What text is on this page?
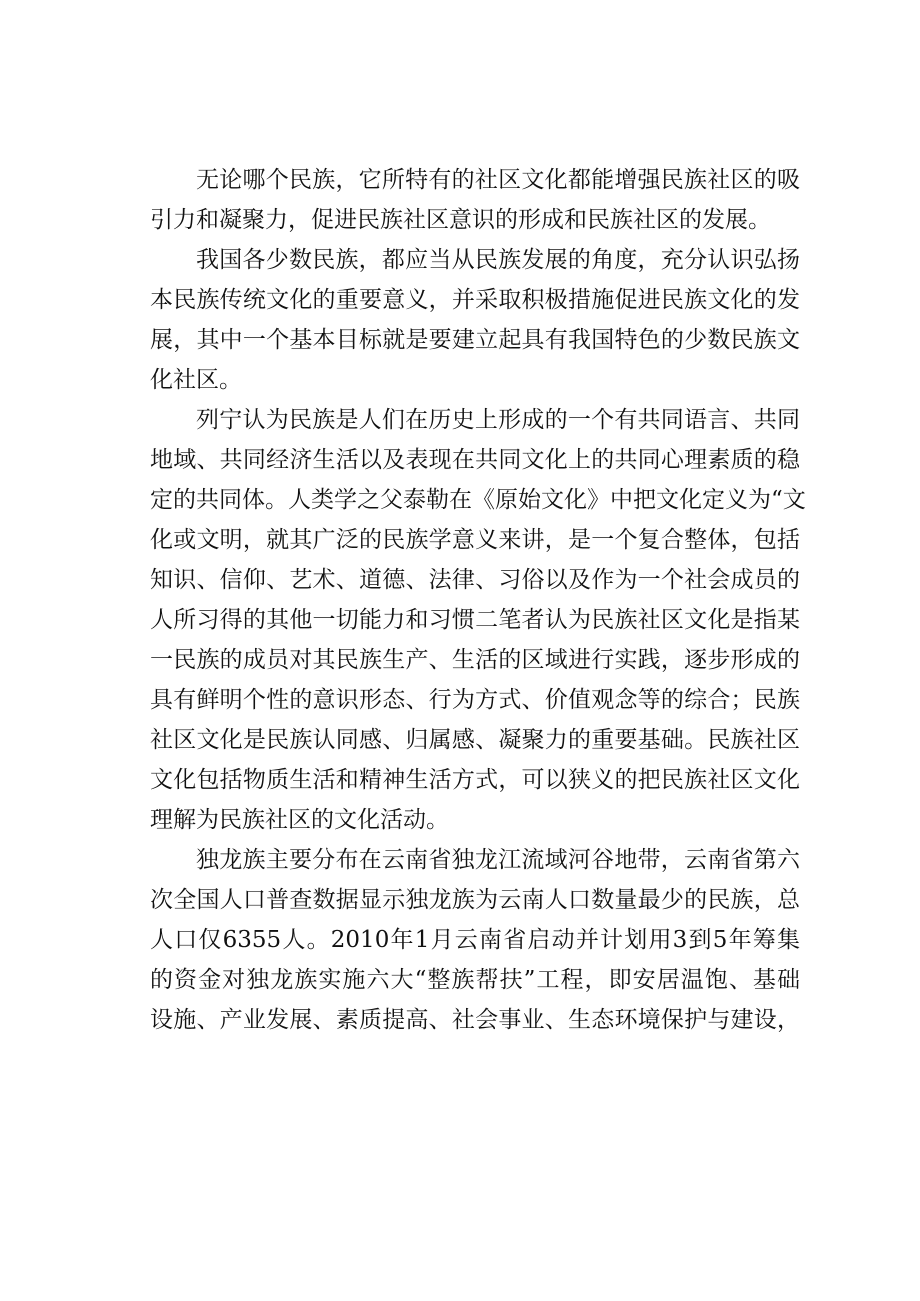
无论哪个民族，它所特有的社区文化都能增强民族社区的吸
引力和凝聚力，促进民族社区意识的形成和民族社区的发展。
我国各少数民族，都应当从民族发展的角度，充分认识弘扬
本民族传统文化的重要意义，并采取积极措施促进民族文化的发
展，其中一个基本目标就是要建立起具有我国特色的少数民族文
化社区。
列宁认为民族是人们在历史上形成的一个有共同语言、共同
地域、共同经济生活以及表现在共同文化上的共同心理素质的稳
定的共同体。人类学之父泰勒在《原始文化》中把文化定义为“文
化或文明，就其广泛的民族学意义来讲，是一个复合整体，包括
知识、信仰、艺术、道德、法律、习俗以及作为一个社会成员的
人所习得的其他一切能力和习惯二笔者认为民族社区文化是指某
一民族的成员对其民族生产、生活的区域进行实践，逐步形成的
具有鲜明个性的意识形态、行为方式、价值观念等的综合；民族
社区文化是民族认同感、归属感、凝聚力的重要基础。民族社区
文化包括物质生活和精神生活方式，可以狭义的把民族社区文化
理解为民族社区的文化活动。
独龙族主要分布在云南省独龙江流域河谷地带，云南省第六
次全国人口普查数据显示独龙族为云南人口数量最少的民族，总
人口仅6355人。2010年1月云南省启动并计划用3到5年筹集
的资金对独龙族实施六大“整族帮扶”工程，即安居温饱、基础
设施、产业发展、素质提高、社会事业、生态环境保护与建设，
